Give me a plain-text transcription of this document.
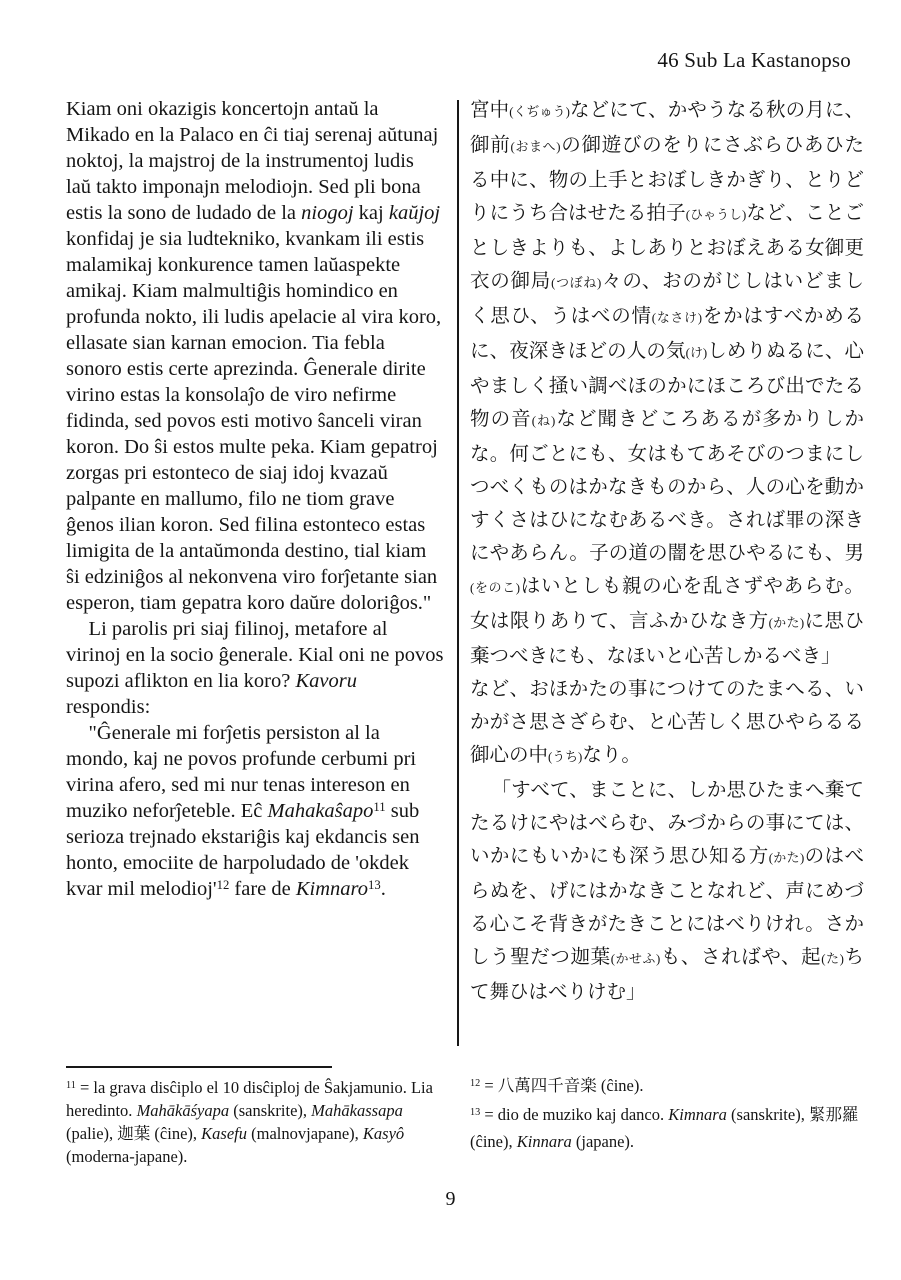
46 Sub La Kastanopso

Kiam oni okazigis koncertojn antaŭ la Mikado en la Palaco en ĉi tiaj serenaj aŭtunaj noktoj, la majstroj de la instrumentoj ludis laŭ takto imponajn melodiojn. Sed pli bona estis la sono de ludado de la niogoj kaj kaŭjoj konfidaj je sia ludtekniko, kvankam ili estis malamikaj konkurence tamen laŭaspekte amikaj. Kiam malmultiĝis homindico en profunda nokto, ili ludis apelacie al vira koro, ellasate sian karnan emocion. Tia febla sonoro estis certe aprezinda. Ĝenerale dirite virino estas la konsolaĵo de viro nefirme fidinda, sed povos esti motivo ŝanceli viran koron. Do ŝi estos multe peka. Kiam gepatroj zorgas pri estonteco de siaj idoj kvazaŭ palpante en mallumo, filo ne tiom grave ĝenos ilian koron. Sed filina estonteco estas limigita de la antaŭmonda destino, tial kiam ŝi edziniĝos al nekonvena viro forĵetante sian esperon, tiam gepatra koro daŭre doloriĝos."

Li parolis pri siaj filinoj, metafore al virinoj en la socio ĝenerale. Kial oni ne povos supozi aflikton en lia koro? Kavoru respondis:

"Ĝenerale mi forĵetis persiston al la mondo, kaj ne povos profunde cerbumi pri virina afero, sed mi nur tenas intereson en muziko neforĵeteble. Eĉ Mahakaŝapo$^{11}$ sub serioza trejnado ekstariĝis kaj ekdancis sen honto, emociite de harpoludado de 'okdek kvar mil $melodioj'^{12}$ fare de Kimnaro$^{13}$.

宮中(くぢゅう)などにて、かやうなる秋の月に、御前(おまへ)の御遊びのをりにさぶらひあひたる中に、物の上手とおぼしきかぎり、とりどりにうち合はせたる拍子(ひゃうし)など、ことごとしきよりも、よしありとおぼえある女御更衣の御局(つぼね)々の、おのがじしはいどましく思ひ、うはべの情(なさけ)をかはすべかめるに、夜深きほどの人の気(け)しめりぬるに、心やましく掻い調べほのかにほころび出でたる物の音(ね)など聞きどころあるが多かりしかな。何ごとにも、女はもてあそびのつまにしつべくものはかなきものから、人の心を動かすくさはひになむあるべき。されば罪の深きにやあらん。子の道の闇を思ひやるにも、男(をのこ)はいとしも親の心を乱さずやあらむ。女は限りありて、言ふかひなき方(かた)に思ひ棄つべきにも、なほいと心苦しかるべき」

など、おほかたの事につけてのたまへる、いかがさ思さざらむ、と心苦しく思ひやらるる御心の中(うち)なり。

「すべて、まことに、しか思ひたまへ棄てたるけにやはべらむ、みづからの事にては、いかにもいかにも深う思ひ知る方(かた)のはべらぬを、げにはかなきことなれど、声にめづる心こそ背きがたきことにはべりけれ。さかしう聖だつ迦葉(かせふ)も、さればや、起(た)ちて舞ひはべりけむ」

$^{11}$ = la grava disĉiplo el 10 disĉiploj de Ŝakjamunio. Lia heredinto. Mahākāśyapa (sanskrite), Mahākassapa (palie), 迦葉 (ĉine), Kasefu (malnovjapane), Kasyô (moderna-japane).

$^{12}$ = 八萬四千音楽 (ĉine).

$^{13}$ = dio de muziko kaj danco. Kimnara (sanskrite), 緊那羅 (ĉine), Kinnara (japane).

9
